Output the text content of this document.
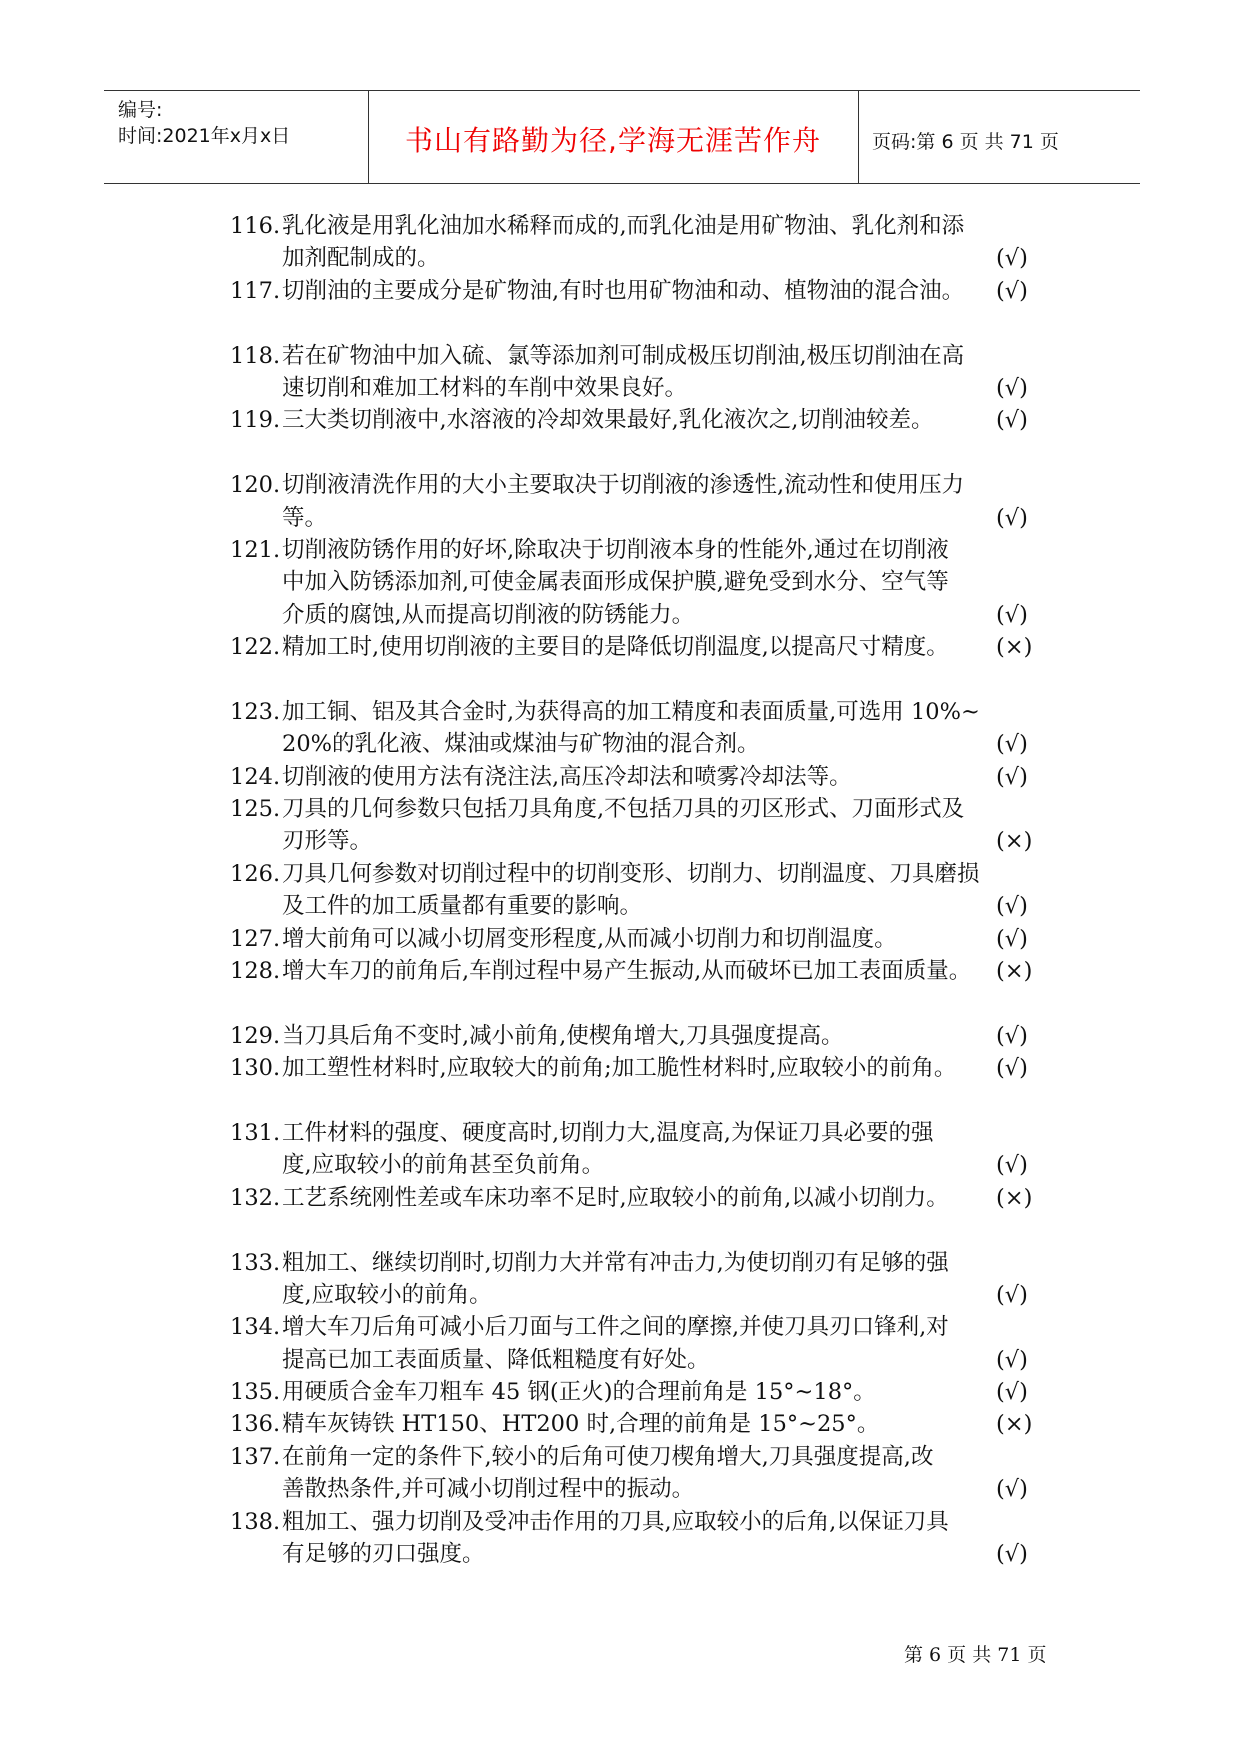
编号:
时间:2021年x月x日	书山有路勤为径,学海无涯苦作舟	页码:第 6 页 共 71 页
116.乳化液是用乳化油加水稀释而成的,而乳化油是用矿物油、乳化剂和添
加剂配制成的。	(√)
117.切削油的主要成分是矿物油,有时也用矿物油和动、植物油的混合油。	(√)
118.若在矿物油中加入硫、氯等添加剂可制成极压切削油,极压切削油在高
速切削和难加工材料的车削中效果良好。	(√)
119.三大类切削液中,水溶液的冷却效果最好,乳化液次之,切削油较差。	(√)
120.切削液清洗作用的大小主要取决于切削液的渗透性,流动性和使用压力
等。	(√)
121.切削液防锈作用的好坏,除取决于切削液本身的性能外,通过在切削液
中加入防锈添加剂,可使金属表面形成保护膜,避免受到水分、空气等
介质的腐蚀,从而提高切削液的防锈能力。	(√)
122.精加工时,使用切削液的主要目的是降低切削温度,以提高尺寸精度。	(×)
123.加工铜、铝及其合金时,为获得高的加工精度和表面质量,可选用 10%~
20%的乳化液、煤油或煤油与矿物油的混合剂。	(√)
124.切削液的使用方法有浇注法,高压冷却法和喷雾冷却法等。	(√)
125.刀具的几何参数只包括刀具角度,不包括刀具的刃区形式、刀面形式及
刃形等。	(×)
126.刀具几何参数对切削过程中的切削变形、切削力、切削温度、刀具磨损
及工件的加工质量都有重要的影响。	(√)
127.增大前角可以减小切屑变形程度,从而减小切削力和切削温度。	(√)
128.增大车刀的前角后,车削过程中易产生振动,从而破坏已加工表面质量。	(×)
129.当刀具后角不变时,减小前角,使楔角增大,刀具强度提高。	(√)
130.加工塑性材料时,应取较大的前角;加工脆性材料时,应取较小的前角。	(√)
131.工件材料的强度、硬度高时,切削力大,温度高,为保证刀具必要的强
度,应取较小的前角甚至负前角。	(√)
132.工艺系统刚性差或车床功率不足时,应取较小的前角,以减小切削力。	(×)
133.粗加工、继续切削时,切削力大并常有冲击力,为使切削刃有足够的强
度,应取较小的前角。	(√)
134.增大车刀后角可减小后刀面与工件之间的摩擦,并使刀具刃口锋利,对
提高已加工表面质量、降低粗糙度有好处。	(√)
135.用硬质合金车刀粗车 45 钢(正火)的合理前角是 15°~18°。	(√)
136.精车灰铸铁 HT150、HT200 时,合理的前角是 15°~25°。	(×)
137.在前角一定的条件下,较小的后角可使刀楔角增大,刀具强度提高,改
善散热条件,并可减小切削过程中的振动。	(√)
138.粗加工、强力切削及受冲击作用的刀具,应取较小的后角,以保证刀具
有足够的刃口强度。	(√)
第 6 页 共 71 页
